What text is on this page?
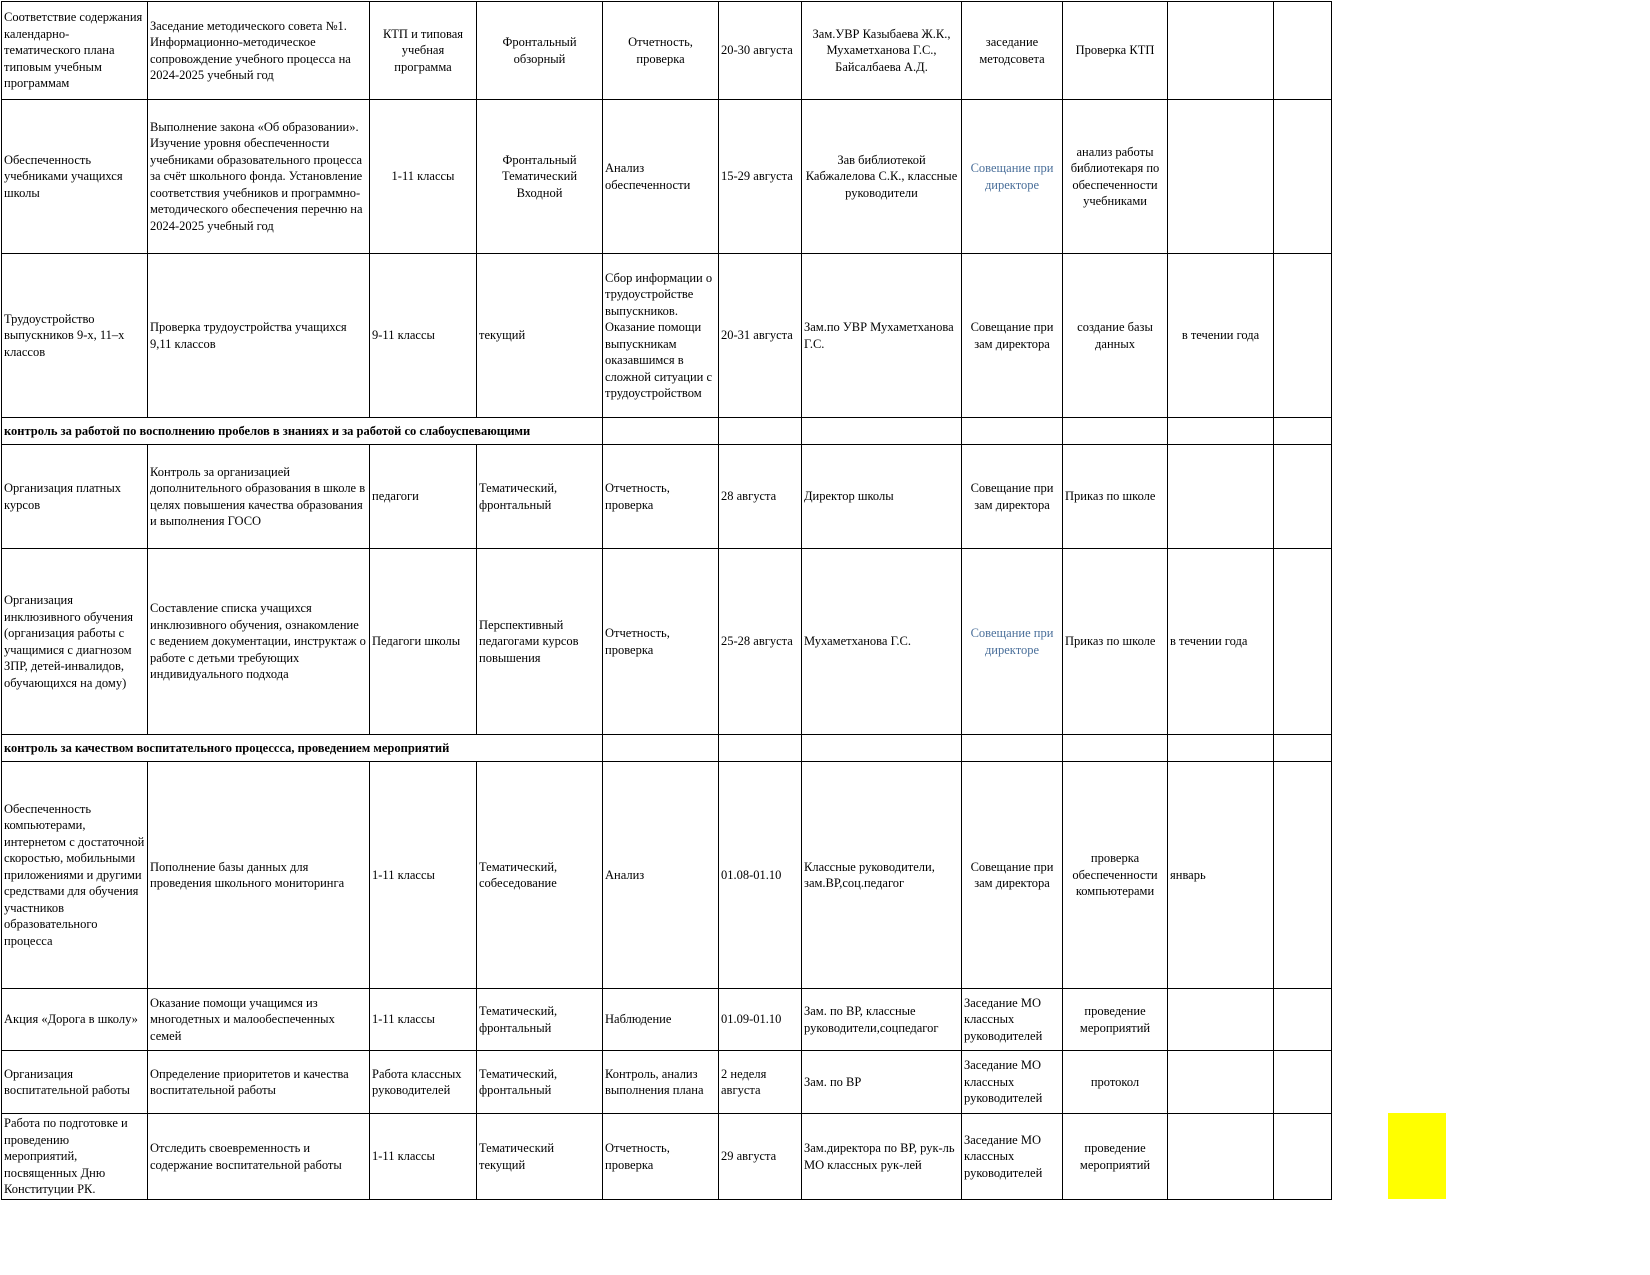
Соответствие содержания календарно-тематического плана типовым учебным программам	Заседание методического совета №1. Информационно-методическое сопровождение учебного процесса на 2024-2025 учебный год	КТП и типовая учебная программа	Фронтальный обзорный	Отчетность, проверка	20-30 августа	Зам.УВР Казыбаева Ж.К., Мухаметханова Г.С., Байсалбаева А.Д.	заседание методсовета	Проверка КТП		
Обеспеченность учебниками учащихся школы	Выполнение закона «Об образовании». Изучение уровня обеспеченности учебниками образовательного процесса за счёт школьного фонда. Установление соответствия учебников и программно-методического обеспечения перечню на 2024-2025 учебный год	1-11 классы	Фронтальный Тематический Входной	Анализ обеспеченности	15-29 августа	Зав библиотекой Кабжалелова С.К., классные руководители	Совещание при директоре	анализ работы библиотекаря по обеспеченности учебниками		
Трудоустройство выпускников 9-х, 11–х классов	Проверка трудоустройства учащихся 9,11 классов	9-11 классы	текущий	Сбор информации о трудоустройстве выпускников. Оказание помощи выпускникам оказавшимся в сложной ситуации с трудоустройством	20-31 августа	Зам.по УВР Мухаметханова Г.С.	Совещание при зам директора	создание базы данных	в течении года	
контроль за работой по восполнению пробелов в знаниях и за работой со слабоуспевающими										
Организация платных курсов	Контроль за организацией дополнительного образования в школе в целях повышения качества образования и выполнения ГОСО	педагоги	Тематический, фронтальный	Отчетность, проверка	28 августа	Директор школы	Совещание при зам директора	Приказ по школе		
Организация инклюзивного обучения (организация работы с учащимися с диагнозом ЗПР, детей-инвалидов, обучающихся на дому)	Составление списка учащихся инклюзивного обучения, ознакомление с ведением документации, инструктаж о работе с детьми требующих индивидуального подхода	Педагоги школы	Перспективный педагогами курсов повышения	Отчетность, проверка	25-28 августа	Мухаметханова Г.С.	Совещание при директоре	Приказ по школе	в течении года	
контроль за качеством воспитательного процессса, проведением мероприятий										
Обеспеченность компьютерами, интернетом с достаточной скоростью, мобильными приложениями и другими средствами для обучения участников образовательного процесса	Пополнение базы данных для проведения школьного мониторинга	1-11 классы	Тематический, собеседование	Анализ	01.08-01.10	Классные руководители, зам.ВР,соц.педагог	Совещание при зам директора	проверка обеспеченности компьютерами	январь	
Акция «Дорога в школу»	Оказание помощи учащимся из многодетных и малообеспеченных семей	1-11 классы	Тематический, фронтальный	Наблюдение	01.09-01.10	Зам. по ВР, классные руководители,соцпедагог	Заседание МО классных руководителей	проведение мероприятий		
Организация воспитательной работы	Определение приоритетов и качества воспитательной работы	Работа классных руководителей	Тематический, фронтальный	Контроль, анализ выполнения плана	2 неделя августа	Зам. по ВР	Заседание МО классных руководителей	протокол		
Работа по подготовке и проведению мероприятий, посвященных Дню Конституции РК.	Отследить своевременность и содержание воспитательной работы	1-11 классы	Тематический текущий	Отчетность, проверка	29 августа	Зам.директора по ВР, рук-ль МО классных рук-лей	Заседание МО классных руководителей	проведение мероприятий		
